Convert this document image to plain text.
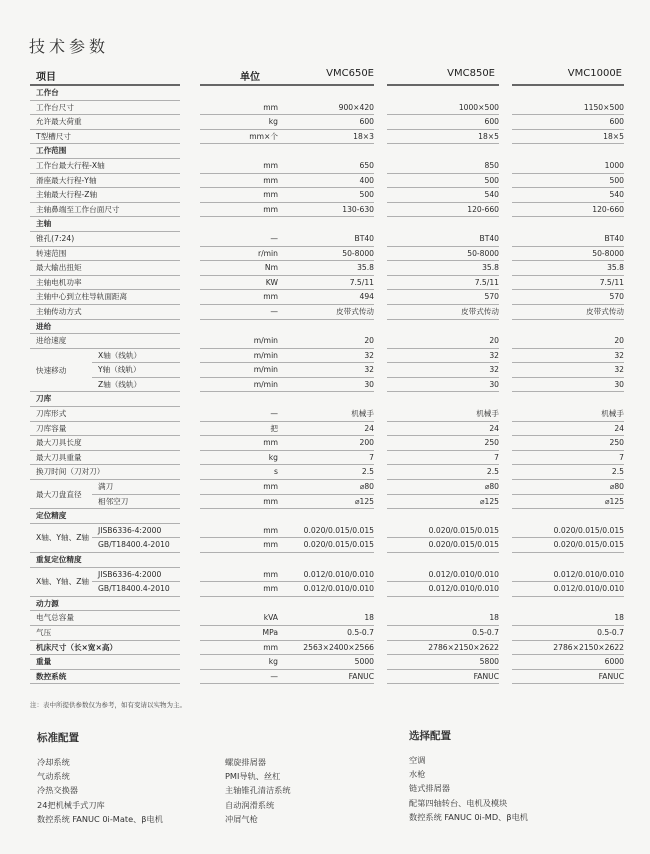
技术参数
项目	单位	VMC650E	VMC850E	VMC1000E
工作台
工作台尺寸	mm	900×420	1000×500	1150×500
允许最大荷重	kg	600	600	600
T型槽尺寸	mm×个	18×3	18×5	18×5
工作范围
工作台最大行程-X轴	mm	650	850	1000
滑座最大行程-Y轴	mm	400	500	500
主轴最大行程-Z轴	mm	500	540	540
主轴鼻端至工作台面尺寸	mm	130-630	120-660	120-660
主轴
锥孔(7:24)	—	BT40	BT40	BT40
转速范围	r/min	50-8000	50-8000	50-8000
最大输出扭矩	Nm	35.8	35.8	35.8
主轴电机功率	KW	7.5/11	7.5/11	7.5/11
主轴中心到立柱导轨面距离	mm	494	570	570
主轴传动方式	—	皮带式传动	皮带式传动	皮带式传动
进给
进给速度	m/min	20	20	20
快速移动
X轴（线轨）	m/min	32	32	32
Y轴（线轨）	m/min	32	32	32
Z轴（线轨）	m/min	30	30	30
刀库
刀库形式	—	机械手	机械手	机械手
刀库容量	把	24	24	24
最大刀具长度	mm	200	250	250
最大刀具重量	kg	7	7	7
换刀时间（刀对刀）	s	2.5	2.5	2.5
最大刀盘直径
满刀	mm	⌀80	⌀80	⌀80
相邻空刀	mm	⌀125	⌀125	⌀125
定位精度
X轴、Y轴、Z轴
JISB6336-4:2000	mm	0.020/0.015/0.015	0.020/0.015/0.015	0.020/0.015/0.015
GB/T18400.4-2010	mm	0.020/0.015/0.015	0.020/0.015/0.015	0.020/0.015/0.015
重复定位精度
X轴、Y轴、Z轴
JISB6336-4:2000	mm	0.012/0.010/0.010	0.012/0.010/0.010	0.012/0.010/0.010
GB/T18400.4-2010	mm	0.012/0.010/0.010	0.012/0.010/0.010	0.012/0.010/0.010
动力源
电气总容量	kVA	18	18	18
气压	MPa	0.5-0.7	0.5-0.7	0.5-0.7
机床尺寸（长×宽×高）	mm	2563×2400×2566	2786×2150×2622	2786×2150×2622
重量	kg	5000	5800	6000
数控系统	—	FANUC	FANUC	FANUC
注：表中所提供参数仅为参考，如有变请以实物为主。
标准配置
冷却系统
气动系统
冷热交换器
24把机械手式刀库
数控系统 FANUC 0i-Mate、β电机
螺旋排屑器
PMI导轨、丝杠
主轴锥孔清洁系统
自动润滑系统
冲屑气枪
选择配置
空调
水枪
链式排屑器
配第四轴转台、电机及模块
数控系统 FANUC 0i-MD、β电机
